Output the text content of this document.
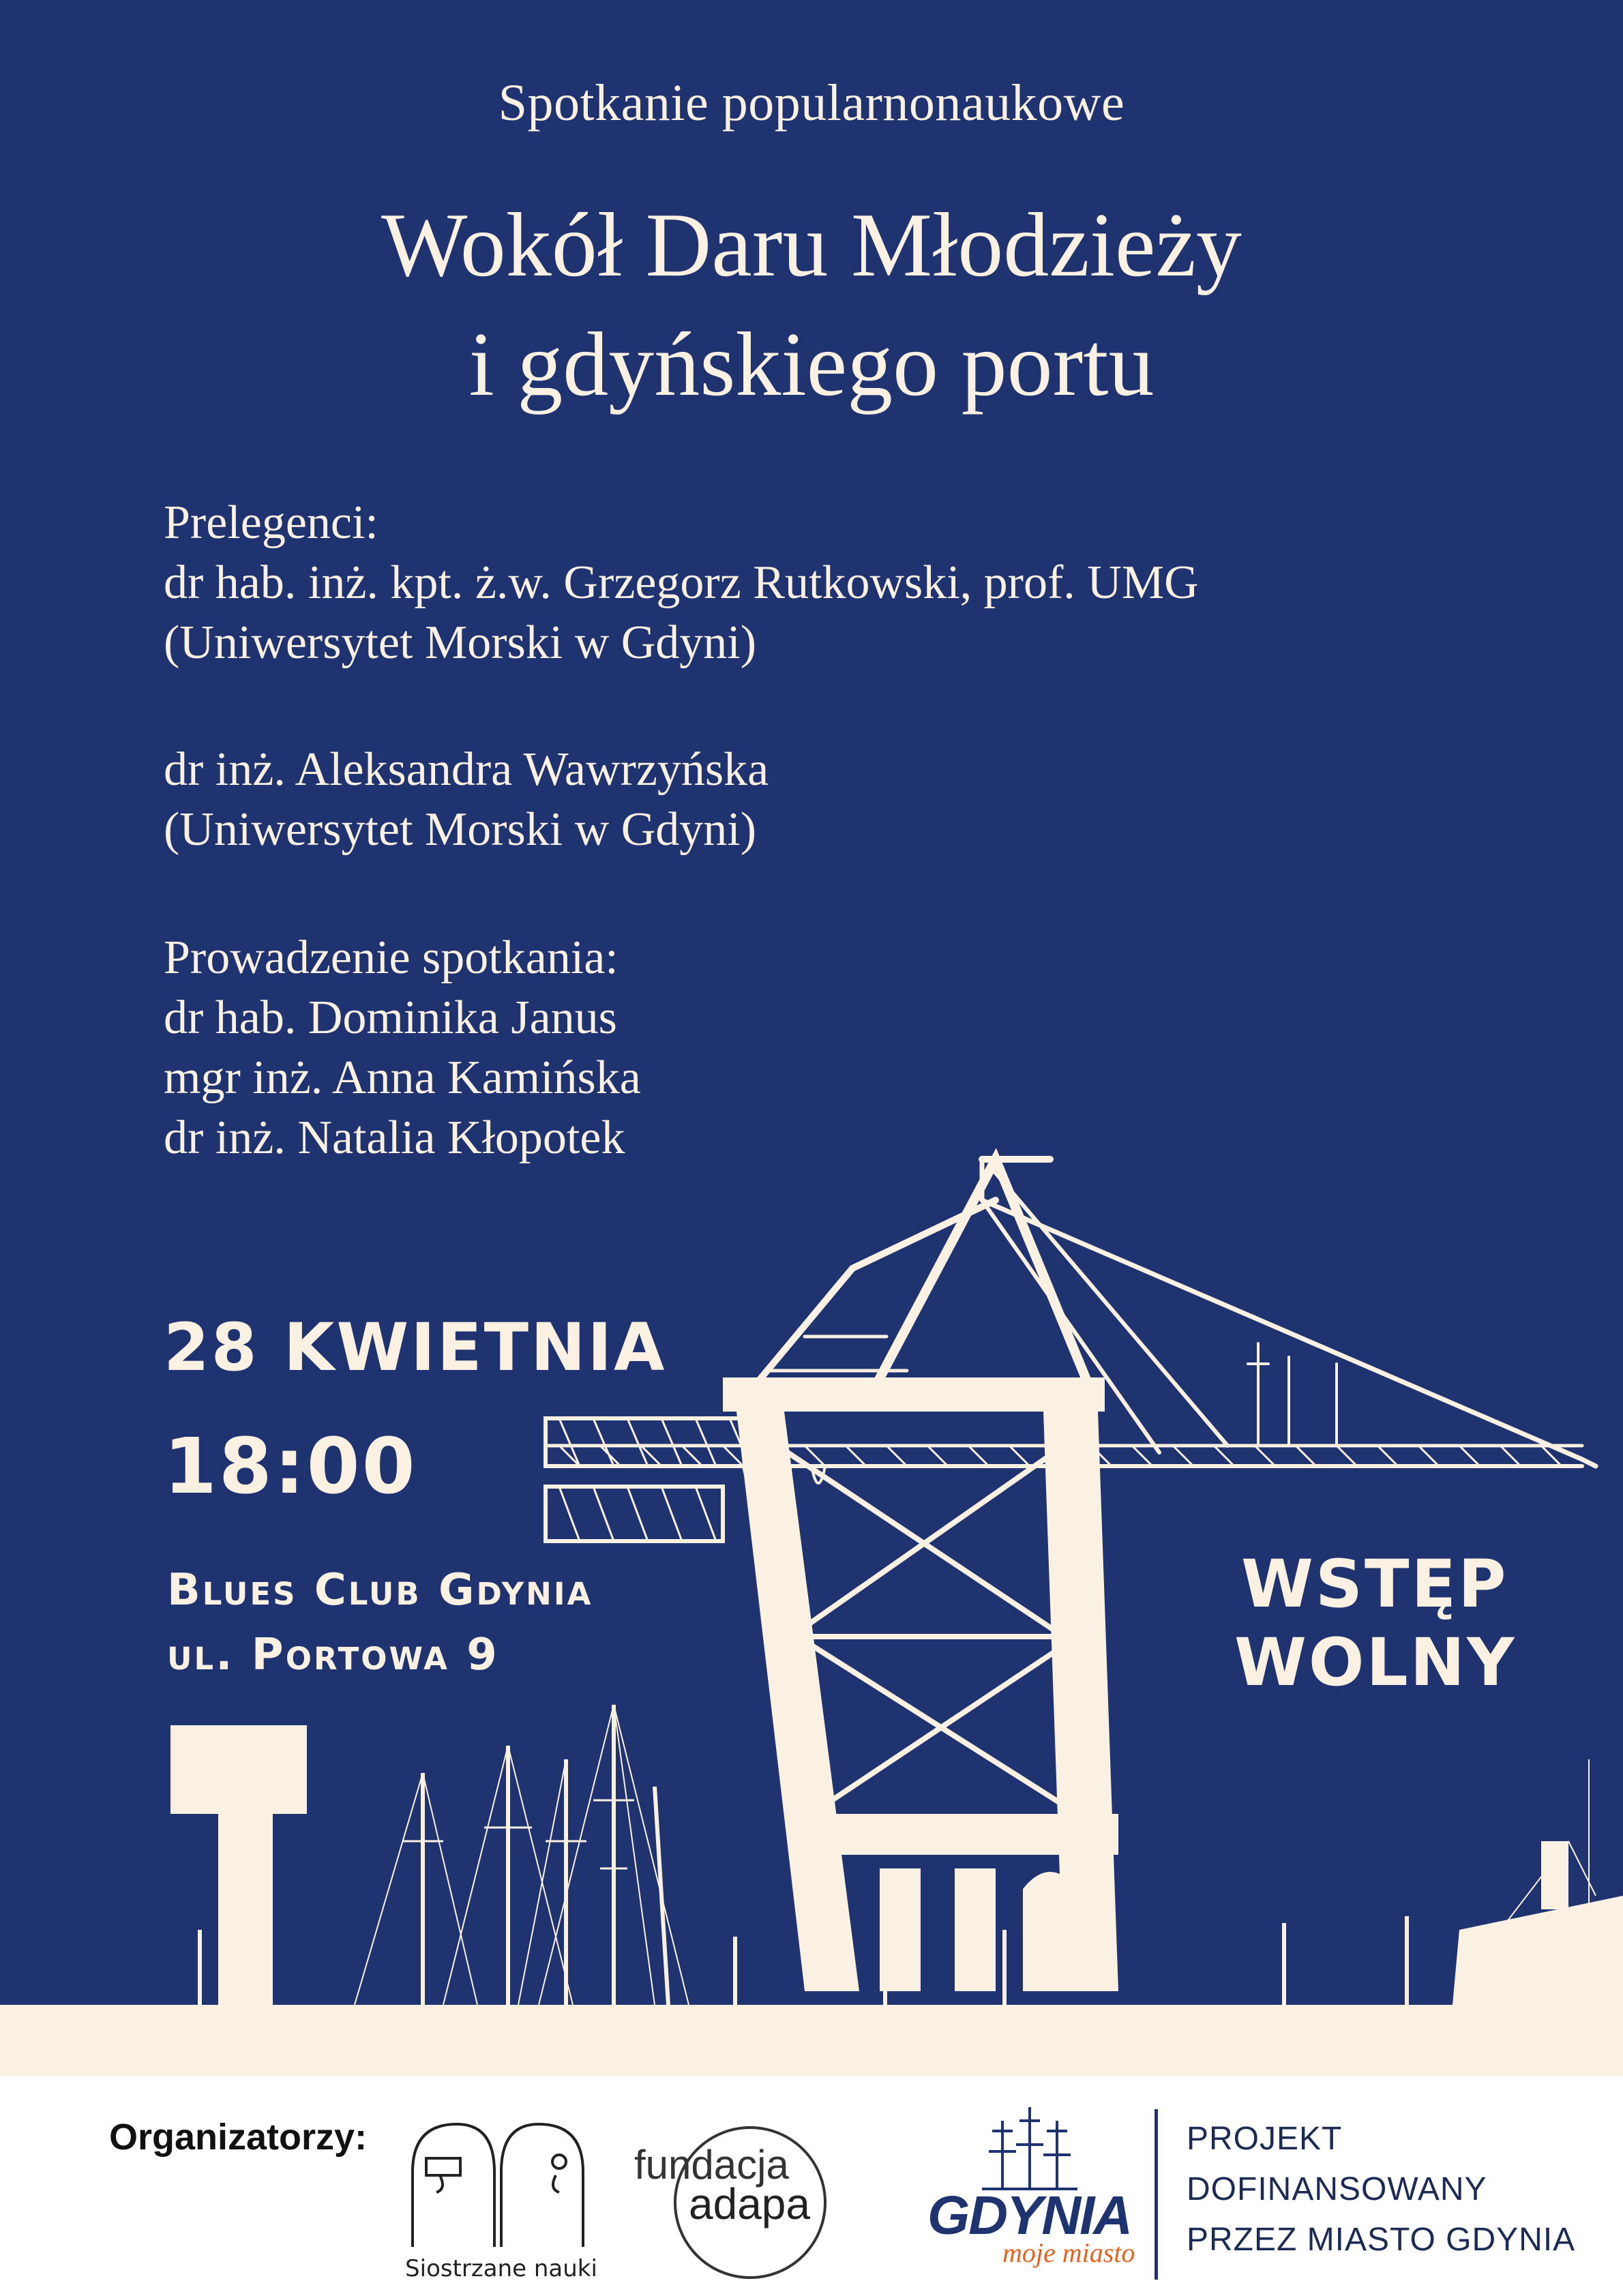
Spotkanie popularnonaukowe
Wokół Daru Młodzieży
i gdyńskiego portu
Prelegenci:
dr hab. inż. kpt. ż.w. Grzegorz Rutkowski, prof. UMG
(Uniwersytet Morski w Gdyni)
dr inż. Aleksandra Wawrzyńska
(Uniwersytet Morski w Gdyni)
Prowadzenie spotkania:
dr hab. Dominika Janus
mgr inż. Anna Kamińska
dr inż. Natalia Kłopotek
28 KWIETNIA
18:00
Blues Club Gdynia
ul. Portowa 9
WSTĘP
WOLNY
Organizatorzy:
Siostrzane nauki
fundacja
adapa GDYNIA
moje miasto
PROJEKT
DOFINANSOWANY
PRZEZ MIASTO GDYNIA
